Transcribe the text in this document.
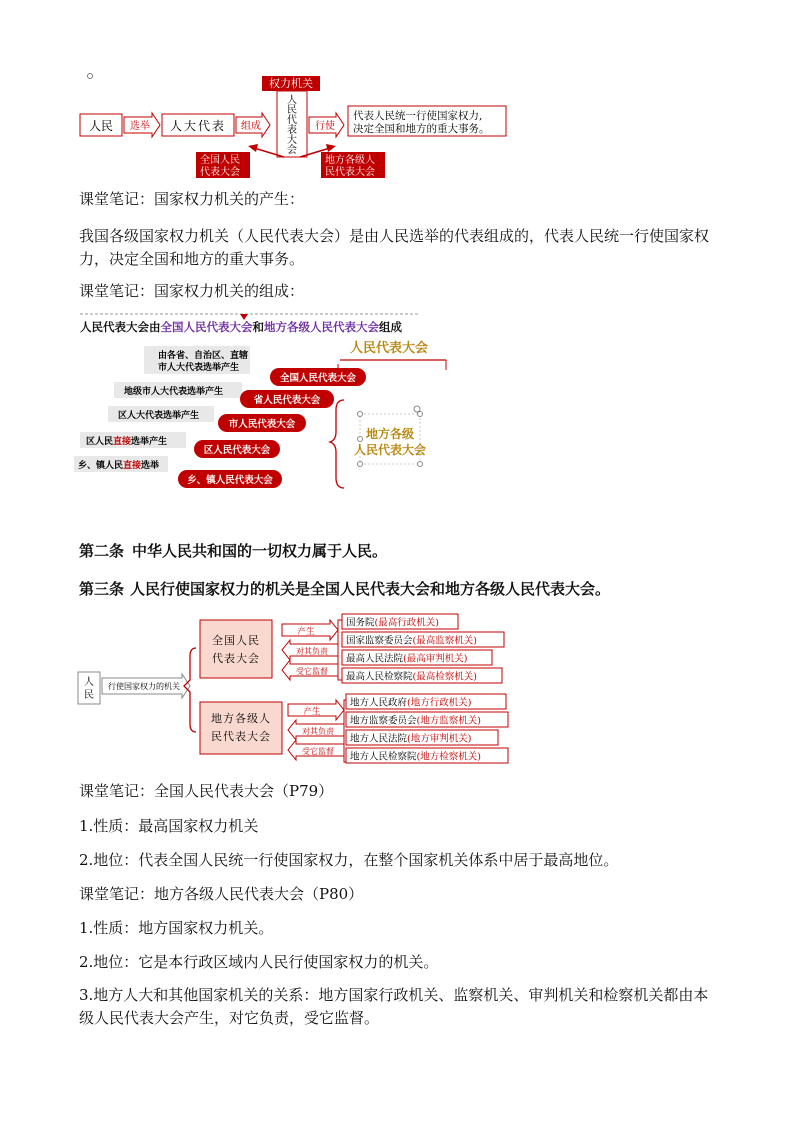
人民 选举 人大代表 组成
权力机关
人
民
代
表
大
会
行使
代表人民统一行使国家权力,
决定全国和地方的重大事务。
全国人民
代表大会
地方各级人
民代表大会
课堂笔记：国家权力机关的产生：
我国各级国家权力机关（人民代表大会）是由人民选举的代表组成的，代表人民统一行使国家权力，决定全国和地方的重大事务。
课堂笔记：国家权力机关的组成：
人民代表大会由全国人民代表大会和地方各级人民代表大会组成
人民代表大会
由各省、自治区、直辖
市人大代表选举产生
地级市人大代表选举产生
区人大代表选举产生
区人民直接选举产生
乡、镇人民直接选举
全国人民代表大会
省人民代表大会
市人民代表大会
区人民代表大会
乡、镇人民代表大会
地方各级
人民代表大会
第二条 中华人民共和国的一切权力属于人民。
第三条 人民行使国家权力的机关是全国人民代表大会和地方各级人民代表大会。
人
民
行使国家权力的机关
全国人民
代表大会
地方各级人
民代表大会
产生
对其负责
受它监督
产生
对其负责
受它监督
国务院(最高行政机关)
国家监察委员会(最高监察机关)
最高人民法院(最高审判机关)
最高人民检察院(最高检察机关)
地方人民政府(地方行政机关)
地方监察委员会(地方监察机关)
地方人民法院(地方审判机关)
地方人民检察院(地方检察机关)
课堂笔记：全国人民代表大会（P79）
1.性质：最高国家权力机关
2.地位：代表全国人民统一行使国家权力，在整个国家机关体系中居于最高地位。
课堂笔记：地方各级人民代表大会（P80）
1.性质：地方国家权力机关。
2.地位：它是本行政区域内人民行使国家权力的机关。
3.地方人大和其他国家机关的关系：地方国家行政机关、监察机关、审判机关和检察机关都由本级人民代表大会产生，对它负责，受它监督。
